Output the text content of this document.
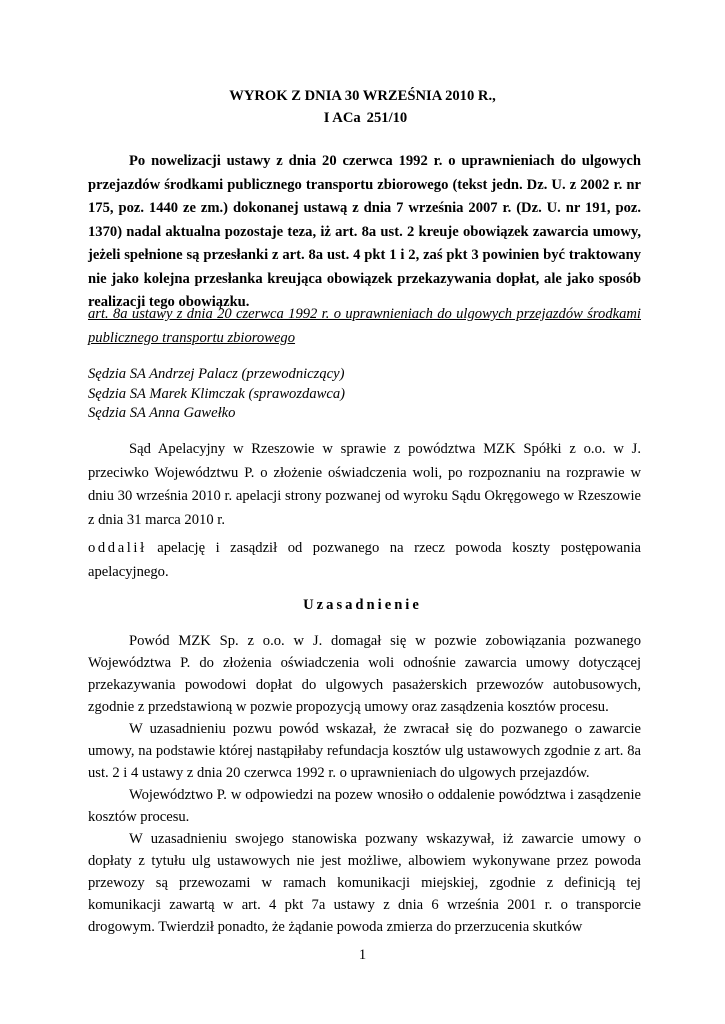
WYROK Z DNIA 30 WRZEŚNIA 2010 R.,
I ACa 251/10
Po nowelizacji ustawy z dnia 20 czerwca 1992 r. o uprawnieniach do ulgowych przejazdów środkami publicznego transportu zbiorowego (tekst jedn. Dz. U. z 2002 r. nr 175, poz. 1440 ze zm.) dokonanej ustawą z dnia 7 września 2007 r. (Dz. U. nr 191, poz. 1370) nadal aktualna pozostaje teza, iż art. 8a ust. 2 kreuje obowiązek zawarcia umowy, jeżeli spełnione są przesłanki z art. 8a ust. 4 pkt 1 i 2, zaś pkt 3 powinien być traktowany nie jako kolejna przesłanka kreująca obowiązek przekazywania dopłat, ale jako sposób realizacji tego obowiązku.
art. 8a ustawy z dnia 20 czerwca 1992 r. o uprawnieniach do ulgowych przejazdów środkami publicznego transportu zbiorowego
Sędzia SA Andrzej Palacz (przewodniczący)
Sędzia SA Marek Klimczak (sprawozdawca)
Sędzia SA Anna Gawełko
Sąd Apelacyjny w Rzeszowie w sprawie z powództwa MZK Spółki z o.o. w J. przeciwko Województwu P. o złożenie oświadczenia woli, po rozpoznaniu na rozprawie w dniu 30 września 2010 r. apelacji strony pozwanej od wyroku Sądu Okręgowego w Rzeszowie z dnia 31 marca 2010 r.
oddalił apelację i zasądził od pozwanego na rzecz powoda koszty postępowania apelacyjnego.
Uzasadnienie

Powód MZK Sp. z o.o. w J. domagał się w pozwie zobowiązania pozwanego Województwa P. do złożenia oświadczenia woli odnośnie zawarcia umowy dotyczącej przekazywania powodowi dopłat do ulgowych pasażerskich przewozów autobusowych, zgodnie z przedstawioną w pozwie propozycją umowy oraz zasądzenia kosztów procesu.

W uzasadnieniu pozwu powód wskazał, że zwracał się do pozwanego o zawarcie umowy, na podstawie której nastąpiłaby refundacja kosztów ulg ustawowych zgodnie z art. 8a ust. 2 i 4 ustawy z dnia 20 czerwca 1992 r. o uprawnieniach do ulgowych przejazdów.

Województwo P. w odpowiedzi na pozew wnosiło o oddalenie powództwa i zasądzenie kosztów procesu.

W uzasadnieniu swojego stanowiska pozwany wskazywał, iż zawarcie umowy o dopłaty z tytułu ulg ustawowych nie jest możliwe, albowiem wykonywane przez powoda przewozy są przewozami w ramach komunikacji miejskiej, zgodnie z definicją tej komunikacji zawartą w art. 4 pkt 7a ustawy z dnia 6 września 2001 r. o transporcie drogowym. Twierdził ponadto, że żądanie powoda zmierza do przerzucenia skutków

1
